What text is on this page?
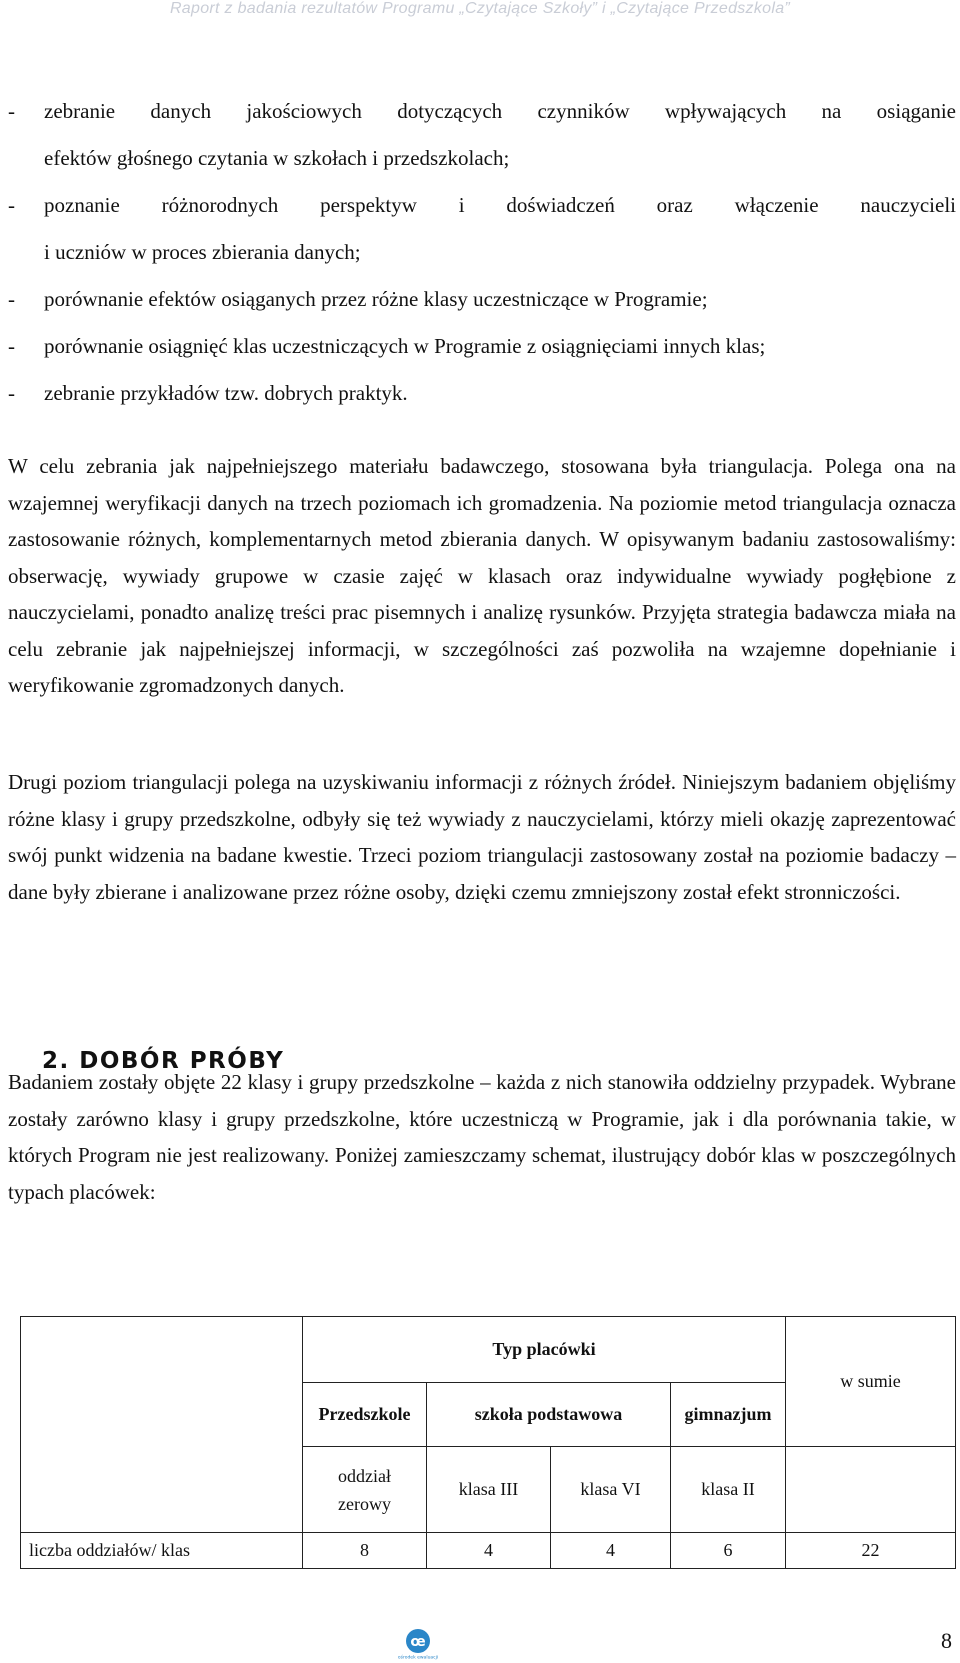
Raport z badania rezultatów Programu „Czytające Szkoły” i „Czytające Przedszkola”
- zebranie danych jakościowych dotyczących czynników wpływających na osiąganie
efektów głośnego czytania w szkołach i przedszkolach;
- poznanie różnorodnych perspektyw i doświadczeń oraz włączenie nauczycieli
i uczniów w proces zbierania danych;
- porównanie efektów osiąganych przez różne klasy uczestniczące w Programie;
- porównanie osiągnięć klas uczestniczących w Programie z osiągnięciami innych klas;
- zebranie przykładów tzw. dobrych praktyk.

W celu zebrania jak najpełniejszego materiału badawczego, stosowana była triangulacja. Polega ona na wzajemnej weryfikacji danych na trzech poziomach ich gromadzenia. Na poziomie metod triangulacja oznacza zastosowanie różnych, komplementarnych metod zbierania danych. W opisywanym badaniu zastosowaliśmy: obserwację, wywiady grupowe w czasie zajęć w klasach oraz indywidualne wywiady pogłębione z nauczycielami, ponadto analizę treści prac pisemnych i analizę rysunków. Przyjęta strategia badawcza miała na celu zebranie jak najpełniejszej informacji, w szczególności zaś pozwoliła na wzajemne dopełnianie i weryfikowanie zgromadzonych danych.

Drugi poziom triangulacji polega na uzyskiwaniu informacji z różnych źródeł. Niniejszym badaniem objęliśmy różne klasy i grupy przedszkolne, odbyły się też wywiady z nauczycielami, którzy mieli okazję zaprezentować swój punkt widzenia na badane kwestie. Trzeci poziom triangulacji zastosowany został na poziomie badaczy – dane były zbierane i analizowane przez różne osoby, dzięki czemu zmniejszony został efekt stronniczości.

2. DOBÓR PRÓBY

Badaniem zostały objęte 22 klasy i grupy przedszkolne – każda z nich stanowiła oddzielny przypadek. Wybrane zostały zarówno klasy i grupy przedszkolne, które uczestniczą w Programie, jak i dla porównania takie, w których Program nie jest realizowany. Poniżej zamieszczamy schemat, ilustrujący dobór klas w poszczególnych typach placówek:

	Typ placówki				w sumie
	Przedszkole	szkoła podstawowa		gimnazjum	
	oddział
zerowy	klasa III	klasa VI	klasa II	
liczba oddziałów/ klas	8	4	4	6	22
œ
ośrodek ewaluacji
8
